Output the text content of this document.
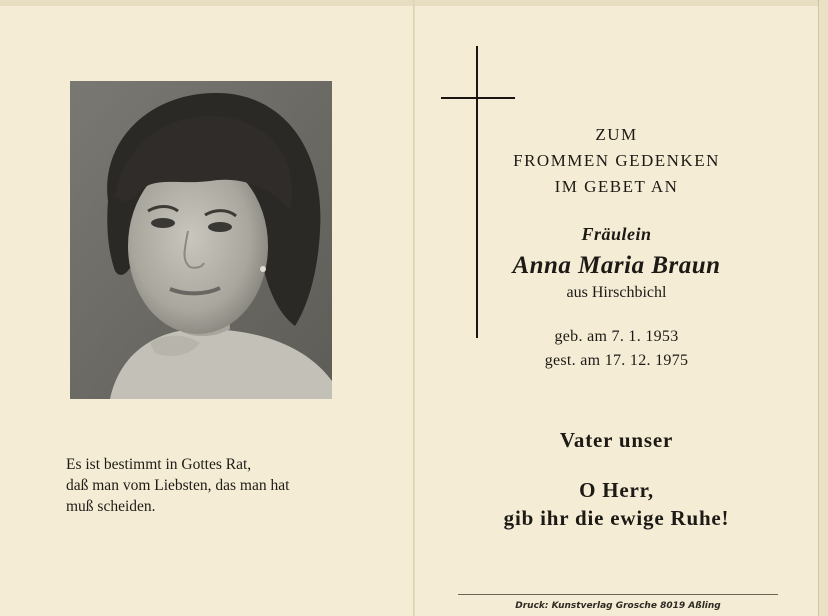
Es ist bestimmt in Gottes Rat,
daß man vom Liebsten, das man hat
muß scheiden.
ZUM
FROMMEN GEDENKEN
IM GEBET AN
Fräulein
Anna Maria Braun
aus Hirschbichl
geb. am 7. 1. 1953
gest. am 17. 12. 1975
Vater unser
O Herr,
gib ihr die ewige Ruhe!
Druck: Kunstverlag Grosche 8019 Aßling
